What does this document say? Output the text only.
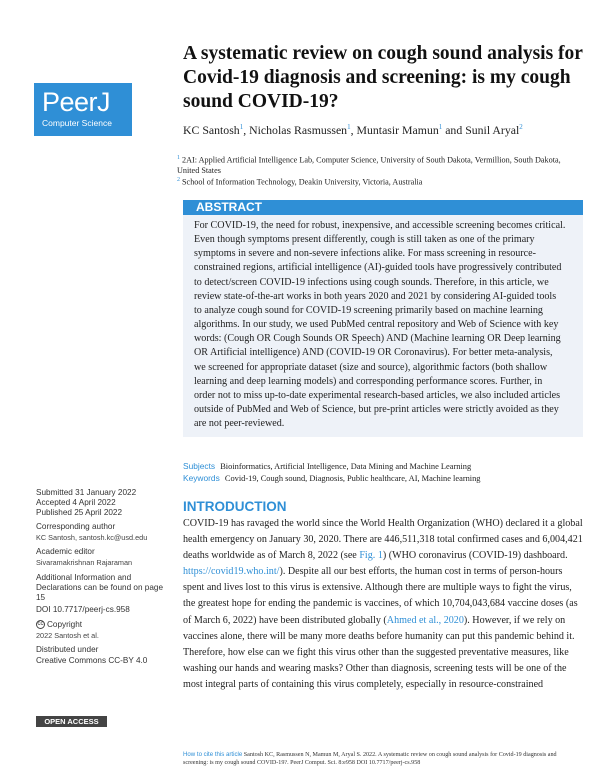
PeerJ
Computer Science
A systematic review on cough sound analysis for Covid-19 diagnosis and screening: is my cough sound COVID-19?
KC Santosh$^1$, Nicholas Rasmussen$^1$, Muntasir Mamun$^1$ and Sunil Aryal$^2$
$^1$ 2AI: Applied Artificial Intelligence Lab, Computer Science, University of South Dakota, Vermillion, South Dakota, United States
$^2$ School of Information Technology, Deakin University, Victoria, Australia
ABSTRACT
For COVID-19, the need for robust, inexpensive, and accessible screening becomes critical. Even though symptoms present differently, cough is still taken as one of the primary symptoms in severe and non-severe infections alike. For mass screening in resource-constrained regions, artificial intelligence (AI)-guided tools have progressively contributed to detect/screen COVID-19 infections using cough sounds. Therefore, in this article, we review state-of-the-art works in both years 2020 and 2021 by considering AI-guided tools to analyze cough sound for COVID-19 screening primarily based on machine learning algorithms. In our study, we used PubMed central repository and Web of Science with key words: (Cough OR Cough Sounds OR Speech) AND (Machine learning OR Deep learning OR Artificial intelligence) AND (COVID-19 OR Coronavirus). For better meta-analysis, we screened for appropriate dataset (size and source), algorithmic factors (both shallow learning and deep learning models) and corresponding performance scores. Further, in order not to miss up-to-date experimental research-based articles, we also included articles outside of PubMed and Web of Science, but pre-print articles were strictly avoided as they are not peer-reviewed.
Subjects Bioinformatics, Artificial Intelligence, Data Mining and Machine Learning
Keywords Covid-19, Cough sound, Diagnosis, Public healthcare, AI, Machine learning
Submitted 31 January 2022
Accepted 4 April 2022
Published 25 April 2022
Corresponding author
KC Santosh, santosh.kc@usd.edu
Academic editor
Sivaramakrishnan Rajaraman
Additional Information and Declarations can be found on page 15
DOI 10.7717/peerj-cs.958
cc Copyright
2022 Santosh et al.
Distributed under
Creative Commons CC-BY 4.0
OPEN ACCESS
INTRODUCTION
COVID-19 has ravaged the world since the World Health Organization (WHO) declared it a global health emergency on January 30, 2020. There are 446,511,318 total confirmed cases and 6,004,421 deaths worldwide as of March 8, 2022 (see Fig. 1) (WHO coronavirus (COVID-19) dashboard. https://covid19.who.int/). Despite all our best efforts, the human cost in terms of person-hours spent and lives lost to this virus is extensive. Although there are multiple ways to fight the virus, the greatest hope for ending the pandemic is vaccines, of which 10,704,043,684 vaccine doses (as of March 6, 2022) have been distributed globally (Ahmed et al., 2020). However, if we rely on vaccines alone, there will be many more deaths before humanity can put this pandemic behind it. Therefore, how else can we fight this virus other than the suggested preventative measures, like washing our hands and wearing masks? Other than diagnosis, screening tests will be one of the most integral parts of containing this virus completely, especially in resource-constrained
How to cite this article Santosh KC, Rasmussen N, Mamun M, Aryal S. 2022. A systematic review on cough sound analysis for Covid-19 diagnosis and screening: is my cough sound COVID-19?. PeerJ Comput. Sci. 8:e958 DOI 10.7717/peerj-cs.958
